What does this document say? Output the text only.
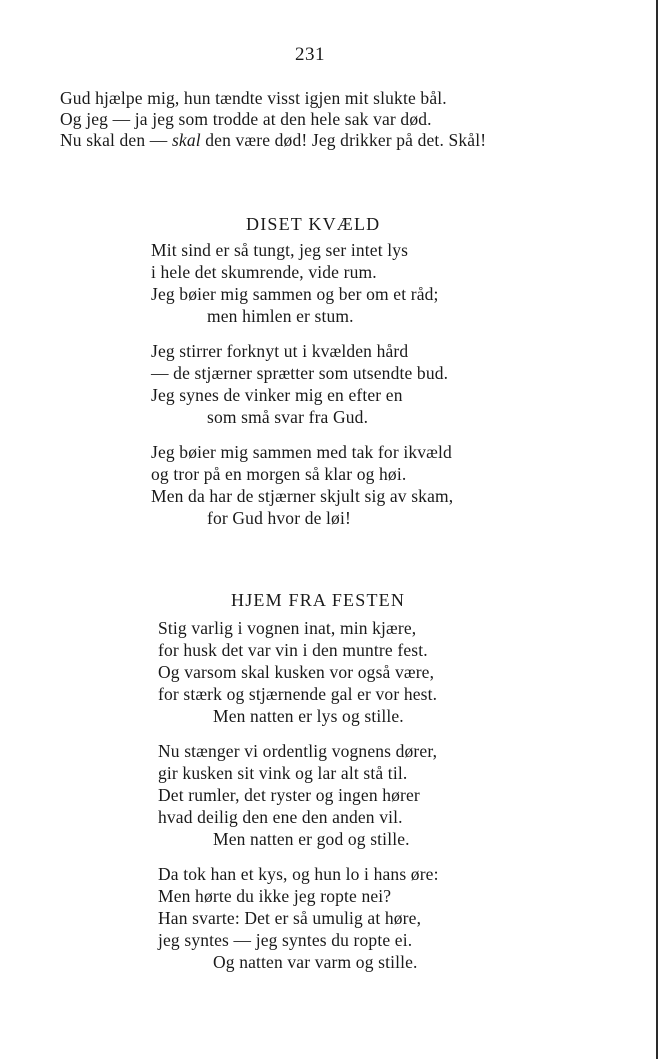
231
Gud hjælpe mig, hun tændte visst igjen mit slukte bål.
Og jeg — ja jeg som trodde at den hele sak var død.
Nu skal den — skal den være død! Jeg drikker på det. Skål!
DISET KVÆLD
Mit sind er så tungt, jeg ser intet lys
i hele det skumrende, vide rum.
Jeg bøier mig sammen og ber om et råd;
men himlen er stum.
Jeg stirrer forknyt ut i kvælden hård
— de stjærner sprætter som utsendte bud.
Jeg synes de vinker mig en efter en
som små svar fra Gud.
Jeg bøier mig sammen med tak for ikvæld
og tror på en morgen så klar og høi.
Men da har de stjærner skjult sig av skam,
for Gud hvor de løi!
HJEM FRA FESTEN
Stig varlig i vognen inat, min kjære,
for husk det var vin i den muntre fest.
Og varsom skal kusken vor også være,
for stærk og stjærnende gal er vor hest.
Men natten er lys og stille.
Nu stænger vi ordentlig vognens dører,
gir kusken sit vink og lar alt stå til.
Det rumler, det ryster og ingen hører
hvad deilig den ene den anden vil.
Men natten er god og stille.
Da tok han et kys, og hun lo i hans øre:
Men hørte du ikke jeg ropte nei?
Han svarte: Det er så umulig at høre,
jeg syntes — jeg syntes du ropte ei.
Og natten var varm og stille.
